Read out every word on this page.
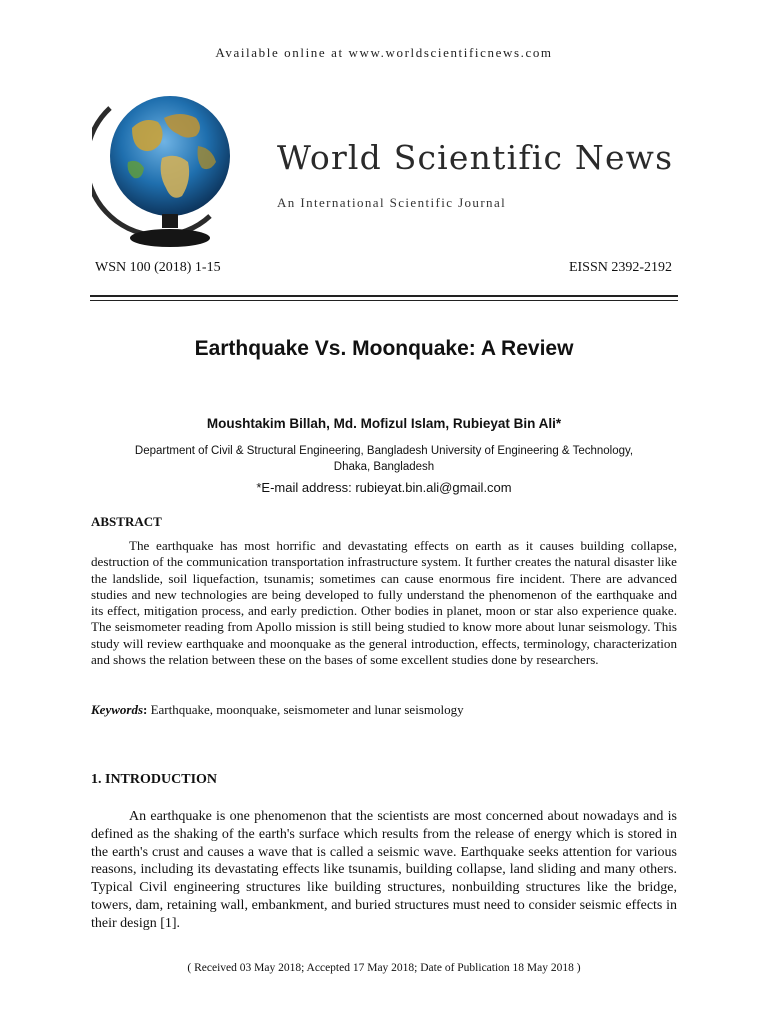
Available online at www.worldscientificnews.com
World Scientific News
An International Scientific Journal
WSN 100 (2018) 1-15	EISSN 2392-2192
Earthquake Vs. Moonquake: A Review
Moushtakim Billah, Md. Mofizul Islam, Rubieyat Bin Ali*
Department of Civil & Structural Engineering, Bangladesh University of Engineering & Technology,
Dhaka, Bangladesh
*E-mail address: rubieyat.bin.ali@gmail.com
ABSTRACT
The earthquake has most horrific and devastating effects on earth as it causes building collapse, destruction of the communication transportation infrastructure system. It further creates the natural disaster like the landslide, soil liquefaction, tsunamis; sometimes can cause enormous fire incident. There are advanced studies and new technologies are being developed to fully understand the phenomenon of the earthquake and its effect, mitigation process, and early prediction. Other bodies in planet, moon or star also experience quake. The seismometer reading from Apollo mission is still being studied to know more about lunar seismology. This study will review earthquake and moonquake as the general introduction, effects, terminology, characterization and shows the relation between these on the bases of some excellent studies done by researchers.
Keywords: Earthquake, moonquake, seismometer and lunar seismology
1. INTRODUCTION
An earthquake is one phenomenon that the scientists are most concerned about nowadays and is defined as the shaking of the earth's surface which results from the release of energy which is stored in the earth's crust and causes a wave that is called a seismic wave. Earthquake seeks attention for various reasons, including its devastating effects like tsunamis, building collapse, land sliding and many others. Typical Civil engineering structures like building structures, nonbuilding structures like the bridge, towers, dam, retaining wall, embankment, and buried structures must need to consider seismic effects in their design [1].
( Received 03 May 2018; Accepted 17 May 2018; Date of Publication 18 May 2018 )
